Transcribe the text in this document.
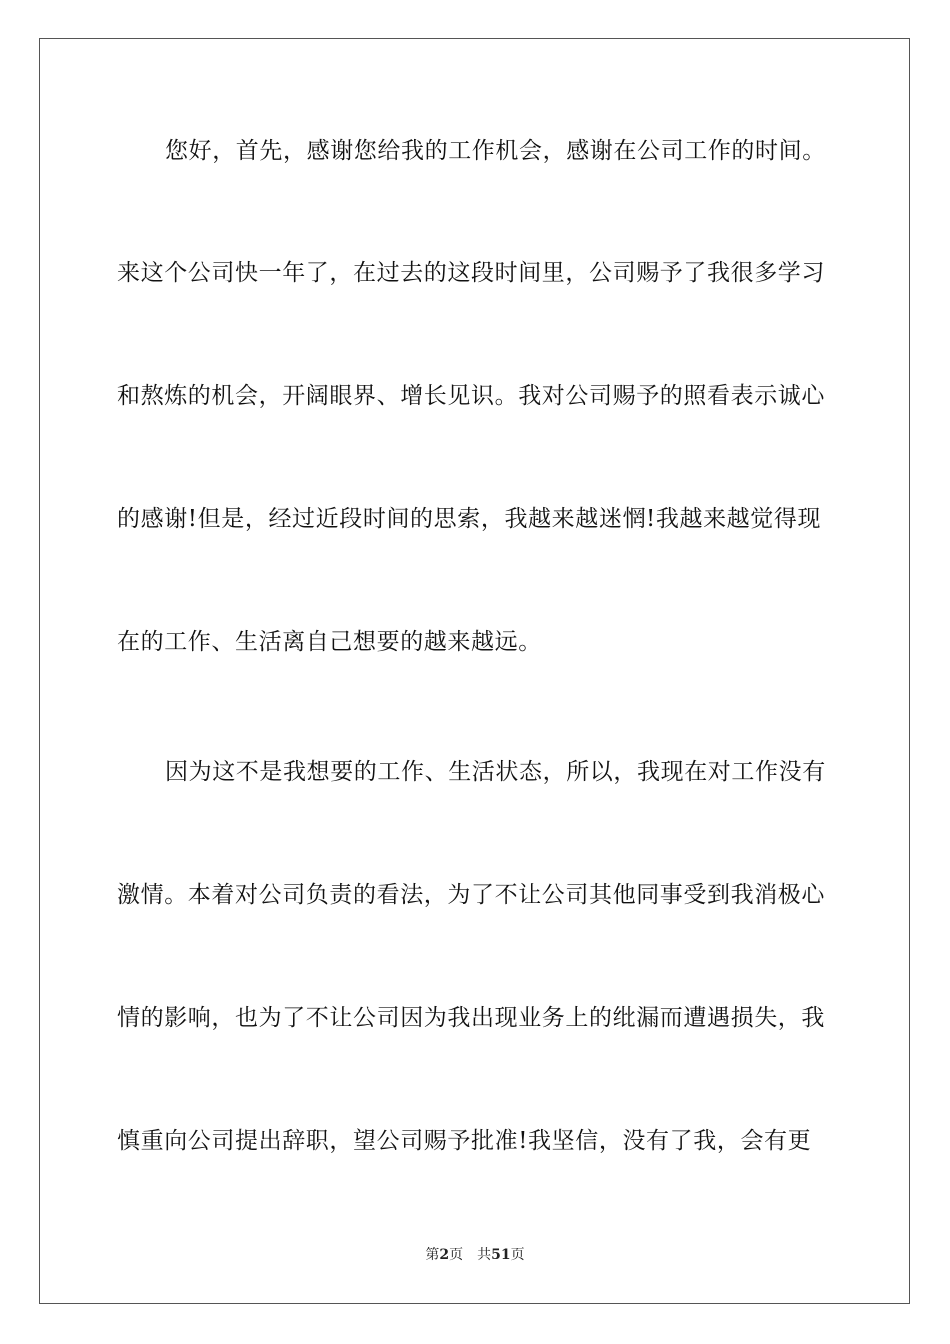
您好，首先，感谢您给我的工作机会，感谢在公司工作的时间。
来这个公司快一年了，在过去的这段时间里，公司赐予了我很多学习
和熬炼的机会，开阔眼界、增长见识。我对公司赐予的照看表示诚心
的感谢!但是，经过近段时间的思索，我越来越迷惘!我越来越觉得现
在的工作、生活离自己想要的越来越远。
因为这不是我想要的工作、生活状态，所以，我现在对工作没有
激情。本着对公司负责的看法，为了不让公司其他同事受到我消极心
情的影响，也为了不让公司因为我出现业务上的纰漏而遭遇损失，我
慎重向公司提出辞职，望公司赐予批准!我坚信，没有了我，会有更
第2页 共51页
